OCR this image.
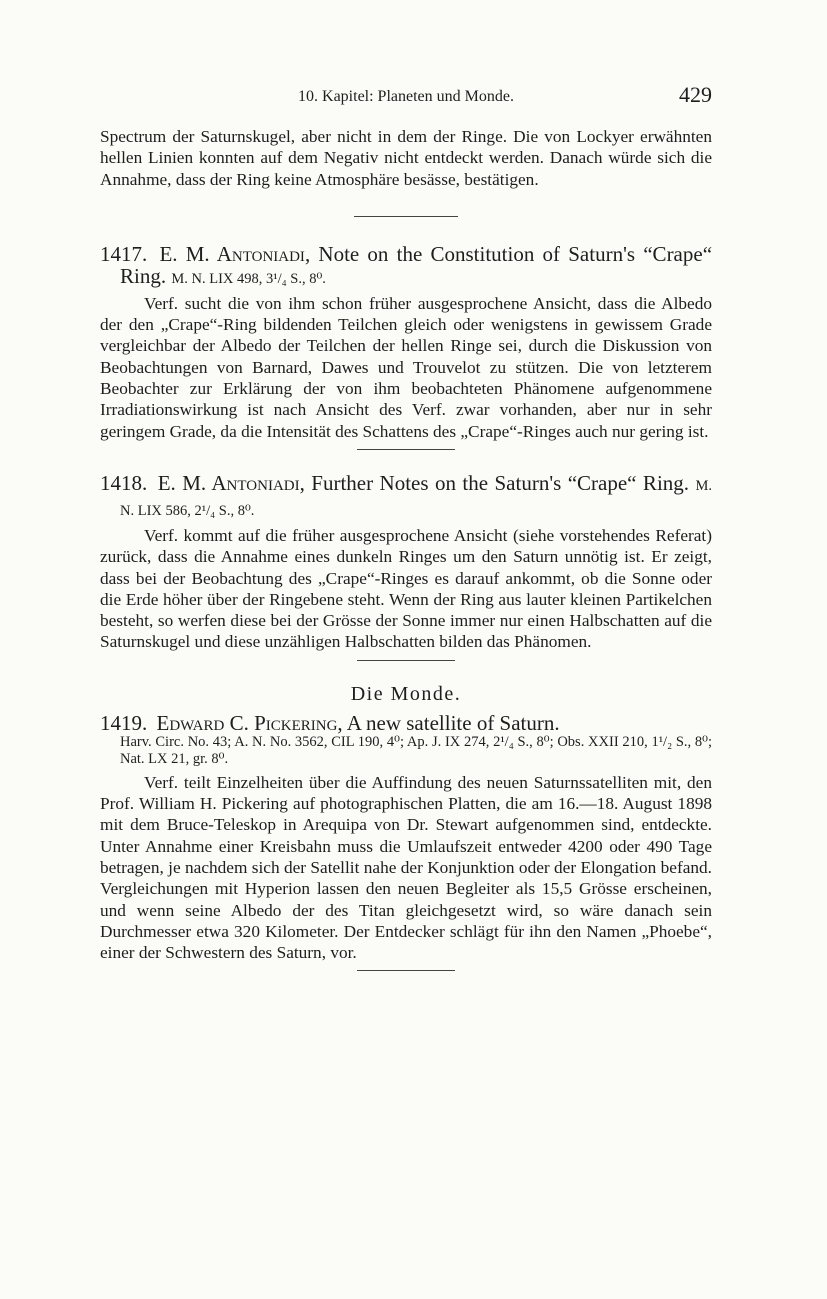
10. Kapitel: Planeten und Monde.	429

Spectrum der Saturnskugel, aber nicht in dem der Ringe. Die von Lockyer erwähnten hellen Linien konnten auf dem Negativ nicht entdeckt werden. Danach würde sich die Annahme, dass der Ring keine Atmosphäre besässe, bestätigen.

1417. E. M. Antoniadi, Note on the Constitution of Saturn's “Crape“ Ring. M. N. LIX 498, 3¹/₄ S., 8⁰.

Verf. sucht die von ihm schon früher ausgesprochene Ansicht, dass die Albedo der den „Crape“-Ring bildenden Teilchen gleich oder wenigstens in gewissem Grade vergleichbar der Albedo der Teilchen der hellen Ringe sei, durch die Diskussion von Beobachtungen von Barnard, Dawes und Trouvelot zu stützen. Die von letzterem Beobachter zur Erklärung der von ihm beobachteten Phänomene aufgenommene Irradiationswirkung ist nach Ansicht des Verf. zwar vorhanden, aber nur in sehr geringem Grade, da die Intensität des Schattens des „Crape“-Ringes auch nur gering ist.

1418. E. M. Antoniadi, Further Notes on the Saturn's “Crape“ Ring. M. N. LIX 586, 2¹/₄ S., 8⁰.

Verf. kommt auf die früher ausgesprochene Ansicht (siehe vorstehendes Referat) zurück, dass die Annahme eines dunkeln Ringes um den Saturn unnötig ist. Er zeigt, dass bei der Beobachtung des „Crape“-Ringes es darauf ankommt, ob die Sonne oder die Erde höher über der Ringebene steht. Wenn der Ring aus lauter kleinen Partikelchen besteht, so werfen diese bei der Grösse der Sonne immer nur einen Halbschatten auf die Saturnskugel und diese unzähligen Halbschatten bilden das Phänomen.

Die Monde.

1419. Edward C. Pickering, A new satellite of Saturn.

Harv. Circ. No. 43; A. N. No. 3562, CIL 190, 4⁰; Ap. J. IX 274, 2¹/₄ S., 8⁰; Obs. XXII 210, 1¹/₂ S., 8⁰; Nat. LX 21, gr. 8⁰.

Verf. teilt Einzelheiten über die Auffindung des neuen Saturnssatelliten mit, den Prof. William H. Pickering auf photographischen Platten, die am 16.—18. August 1898 mit dem Bruce-Teleskop in Arequipa von Dr. Stewart aufgenommen sind, entdeckte. Unter Annahme einer Kreisbahn muss die Umlaufszeit entweder 4200 oder 490 Tage betragen, je nachdem sich der Satellit nahe der Konjunktion oder der Elongation befand. Vergleichungen mit Hyperion lassen den neuen Begleiter als 15,5 Grösse erscheinen, und wenn seine Albedo der des Titan gleichgesetzt wird, so wäre danach sein Durchmesser etwa 320 Kilometer. Der Entdecker schlägt für ihn den Namen „Phoebe“, einer der Schwestern des Saturn, vor.
